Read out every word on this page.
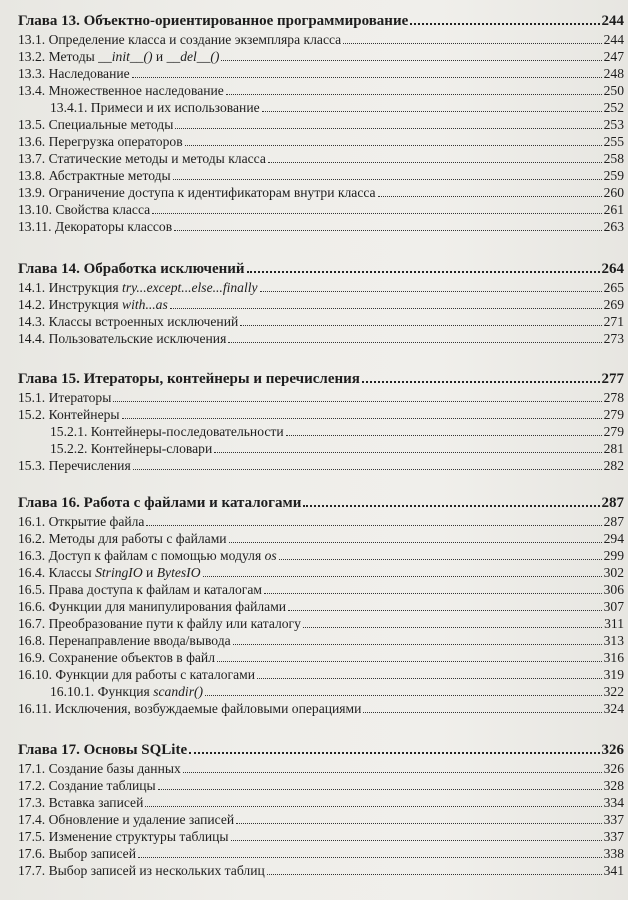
Глава 13. Объектно-ориентированное программирование	244
13.1. Определение класса и создание экземпляра класса	244
13.2. Методы __init__() и __del__()	247
13.3. Наследование	248
13.4. Множественное наследование	250
13.4.1. Примеси и их использование	252
13.5. Специальные методы	253
13.6. Перегрузка операторов	255
13.7. Статические методы и методы класса	258
13.8. Абстрактные методы	259
13.9. Ограничение доступа к идентификаторам внутри класса	260
13.10. Свойства класса	261
13.11. Декораторы классов	263
Глава 14. Обработка исключений	264
14.1. Инструкция try...except...else...finally	265
14.2. Инструкция with...as	269
14.3. Классы встроенных исключений	271
14.4. Пользовательские исключения	273
Глава 15. Итераторы, контейнеры и перечисления	277
15.1. Итераторы	278
15.2. Контейнеры	279
15.2.1. Контейнеры-последовательности	279
15.2.2. Контейнеры-словари	281
15.3. Перечисления	282
Глава 16. Работа с файлами и каталогами	287
16.1. Открытие файла	287
16.2. Методы для работы с файлами	294
16.3. Доступ к файлам с помощью модуля os	299
16.4. Классы StringIO и BytesIO	302
16.5. Права доступа к файлам и каталогам	306
16.6. Функции для манипулирования файлами	307
16.7. Преобразование пути к файлу или каталогу	311
16.8. Перенаправление ввода/вывода	313
16.9. Сохранение объектов в файл	316
16.10. Функции для работы с каталогами	319
16.10.1. Функция scandir()	322
16.11. Исключения, возбуждаемые файловыми операциями	324
Глава 17. Основы SQLite	326
17.1. Создание базы данных	326
17.2. Создание таблицы	328
17.3. Вставка записей	334
17.4. Обновление и удаление записей	337
17.5. Изменение структуры таблицы	337
17.6. Выбор записей	338
17.7. Выбор записей из нескольких таблиц	341
